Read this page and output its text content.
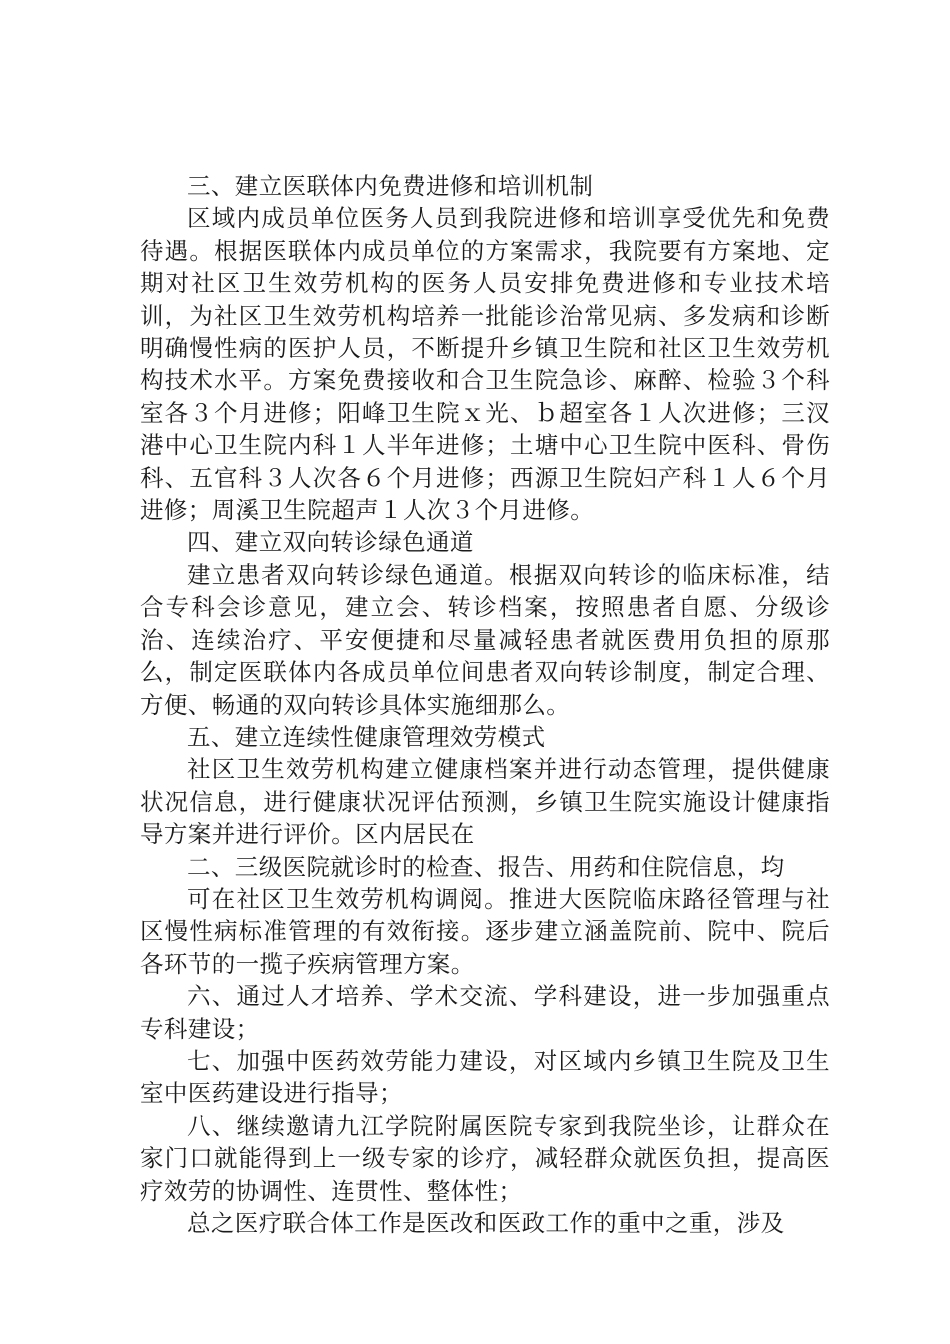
三、建立医联体内免费进修和培训机制

区域内成员单位医务人员到我院进修和培训享受优先和免费待遇。根据医联体内成员单位的方案需求，我院要有方案地、定期对社区卫生效劳机构的医务人员安排免费进修和专业技术培训，为社区卫生效劳机构培养一批能诊治常见病、多发病和诊断明确慢性病的医护人员，不断提升乡镇卫生院和社区卫生效劳机构技术水平。方案免费接收和合卫生院急诊、麻醉、检验３个科室各３个月进修；阳峰卫生院ｘ光、ｂ超室各１人次进修；三汊港中心卫生院内科１人半年进修；土塘中心卫生院中医科、骨伤科、五官科３人次各６个月进修；西源卫生院妇产科１人６个月进修；周溪卫生院超声１人次３个月进修。

四、建立双向转诊绿色通道

建立患者双向转诊绿色通道。根据双向转诊的临床标准，结合专科会诊意见，建立会、转诊档案，按照患者自愿、分级诊治、连续治疗、平安便捷和尽量减轻患者就医费用负担的原那么，制定医联体内各成员单位间患者双向转诊制度，制定合理、方便、畅通的双向转诊具体实施细那么。

五、建立连续性健康管理效劳模式

社区卫生效劳机构建立健康档案并进行动态管理，提供健康状况信息，进行健康状况评估预测，乡镇卫生院实施设计健康指导方案并进行评价。区内居民在

二、三级医院就诊时的检查、报告、用药和住院信息，均

可在社区卫生效劳机构调阅。推进大医院临床路径管理与社区慢性病标准管理的有效衔接。逐步建立涵盖院前、院中、院后各环节的一揽子疾病管理方案。

六、通过人才培养、学术交流、学科建设，进一步加强重点专科建设；

七、加强中医药效劳能力建设，对区域内乡镇卫生院及卫生室中医药建设进行指导；

八、继续邀请九江学院附属医院专家到我院坐诊，让群众在家门口就能得到上一级专家的诊疗，减轻群众就医负担，提高医疗效劳的协调性、连贯性、整体性；

总之医疗联合体工作是医改和医政工作的重中之重，涉及
